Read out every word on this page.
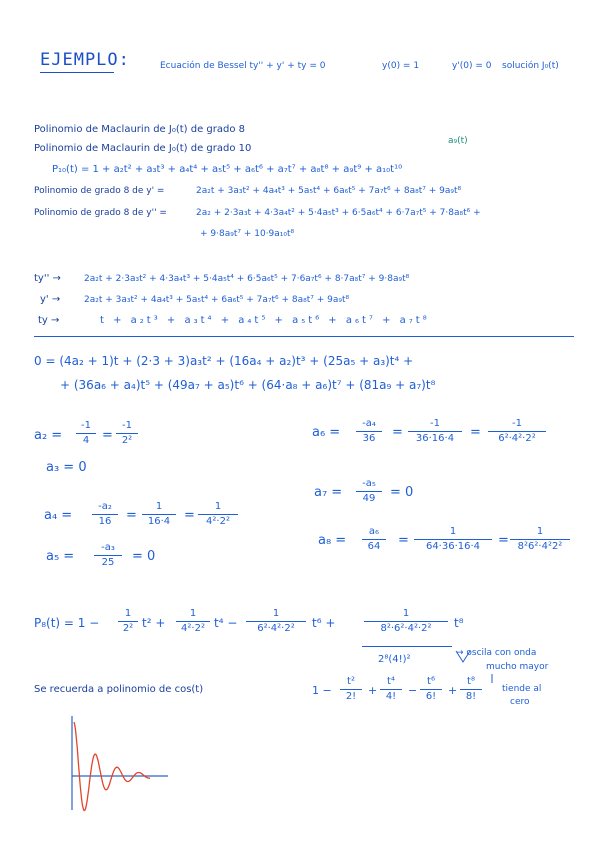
EJEMPLO:	Ecuación de Bessel ty'' + y' + ty = 0	y(0) = 1	y'(0) = 0 solución J₀(t)
Polinomio de Maclaurin de J₀(t) de grado 8
Polinomio de Maclaurin de J₀(t) de grado 10
a₉(t)
P₁₀(t) = 1 + a₂t² + a₃t³ + a₄t⁴ + a₅t⁵ + a₆t⁶ + a₇t⁷ + a₈t⁸ + a₉t⁹ + a₁₀t¹⁰
Polinomio de grado 8 de y' =	2a₂t + 3a₃t² + 4a₄t³ + 5a₅t⁴ + 6a₆t⁵ + 7a₇t⁶ + 8a₈t⁷ + 9a₉t⁸
Polinomio de grado 8 de y'' =	2a₂ + 2·3a₃t + 4·3a₄t² + 5·4a₅t³ + 6·5a₆t⁴ + 6·7a₇t⁵ + 7·8a₈t⁶ +
+ 9·8a₉t⁷ + 10·9a₁₀t⁸
ty'' →	2a₂t + 2·3a₃t² + 4·3a₄t³ + 5·4a₅t⁴ + 6·5a₆t⁵ + 7·6a₇t⁶ + 8·7a₈t⁷ + 9·8a₉t⁸
y' →	2a₂t + 3a₃t² + 4a₄t³ + 5a₅t⁴ + 6a₆t⁵ + 7a₇t⁶ + 8a₈t⁷ + 9a₉t⁸
ty →	t + a₂t³ + a₃t⁴ + a₄t⁵ + a₅t⁶ + a₆t⁷ + a₇t⁸
0 = (4a₂ + 1)t + (2·3 + 3)a₃t² + (16a₄ + a₂)t³ + (25a₅ + a₃)t⁴ +
+ (36a₆ + a₄)t⁵ + (49a₇ + a₅)t⁶ + (64·a₈ + a₆)t⁷ + (81a₉ + a₇)t⁸
a₂ =
-1
4 =
-1
2²
a₃ = 0
a₄ =
-a₂
16	=
1
16·4	=
1
4²·2²
a₅ =
-a₃
25	= 0
a₆ =
-a₄
36	=
-1
36·16·4	=
-1
6²·4²·2²
a₇ =
-a₅
49	= 0
a₈ =
a₆
64	=
1
64·36·16·4	=
1
8²6²·4²2²
P₈(t) = 1 −
1
2² t² +
1
4²·2² t⁴ −
1
6²·4²·2²	t⁶ +
1
8²·6²·4²·2²	t⁸
2⁸(4!)²
→ oscila con onda
mucho mayor
Se recuerda a polinomio de cos(t)	1 −
t²
2!	+
t⁴
4!	−
t⁶
6!	+
t⁸
8!
tiende al
cero
